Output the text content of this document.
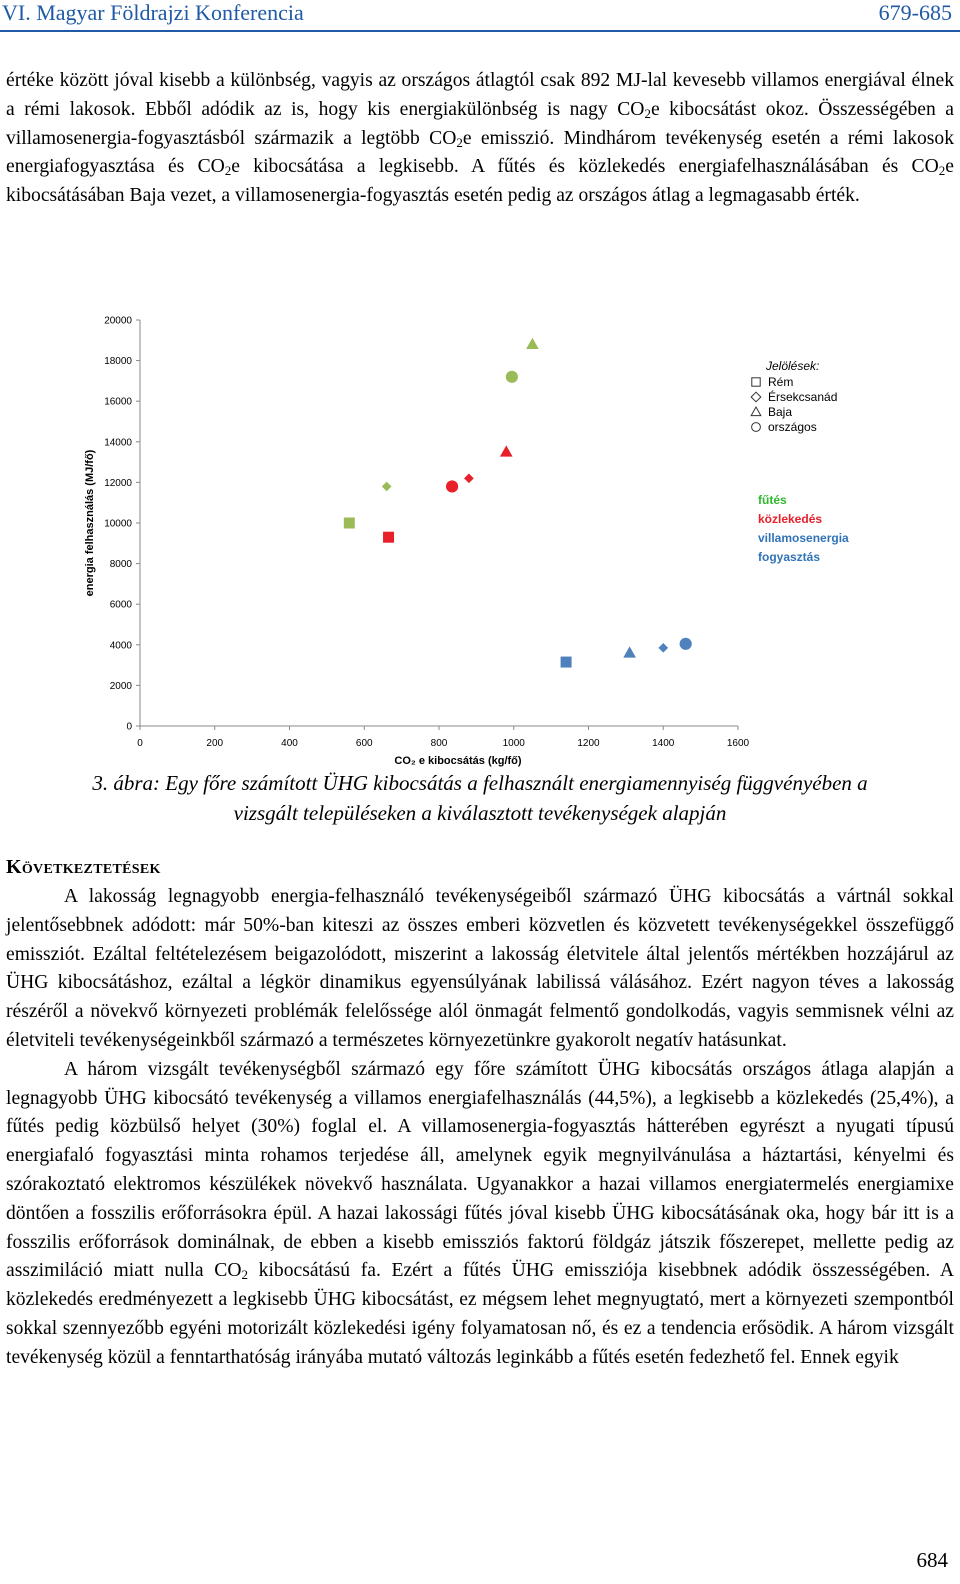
VI. Magyar Földrajzi Konferencia	679-685

értéke között jóval kisebb a különbség, vagyis az országos átlagtól csak 892 MJ-lal kevesebb villamos energiával élnek a rémi lakosok. Ebből adódik az is, hogy kis energiakülönbség is nagy $CO_2e$ kibocsátást okoz. Összességében a villamosenergia-fogyasztásból származik a legtöbb $CO_2e$ emisszió. Mindhárom tevékenység esetén a rémi lakosok energiafogyasztása és $CO_2e$ kibocsátása a legkisebb. A fűtés és közlekedés energiafelhasználásában és $CO_2e$ kibocsátásában Baja vezet, a villamosenergia-fogyasztás esetén pedig az országos átlag a legmagasabb érték.

0
2000
4000
6000
8000
10000
12000
14000
16000
18000
20000
0	200	400	600	800	1000	1200	1400	1600
CO₂ e kibocsátás (kg/fő)
energia felhasználás (MJ/fő)
Jelölések:
Rém
Érsekcsanád
Baja
országos
fűtés
közlekedés
villamosenergia
fogyasztás
3. ábra: Egy főre számított ÜHG kibocsátás a felhasznált energiamennyiség függvényében a
vizsgált településeken a kiválasztott tevékenységek alapján
Következtetések

A lakosság legnagyobb energia-felhasználó tevékenységeiből származó ÜHG kibocsátás a vártnál sokkal jelentősebbnek adódott: már 50%-ban kiteszi az összes emberi közvetlen és közvetett tevékenységekkel összefüggő emissziót. Ezáltal feltételezésem beigazolódott, miszerint a lakosság életvitele által jelentős mértékben hozzájárul az ÜHG kibocsátáshoz, ezáltal a légkör dinamikus egyensúlyának labilissá válásához. Ezért nagyon téves a lakosság részéről a növekvő környezeti problémák felelőssége alól önmagát felmentő gondolkodás, vagyis semmisnek vélni az életviteli tevékenységeinkből származó a természetes környezetünkre gyakorolt negatív hatásunkat.

A három vizsgált tevékenységből származó egy főre számított ÜHG kibocsátás országos átlaga alapján a legnagyobb ÜHG kibocsátó tevékenység a villamos energiafelhasználás (44,5%), a legkisebb a közlekedés (25,4%), a fűtés pedig közbülső helyet (30%) foglal el. A villamosenergia-fogyasztás hátterében egyrészt a nyugati típusú energiafaló fogyasztási minta rohamos terjedése áll, amelynek egyik megnyilvánulása a háztartási, kényelmi és szórakoztató elektromos készülékek növekvő használata. Ugyanakkor a hazai villamos energiatermelés energiamixe döntően a fosszilis erőforrásokra épül. A hazai lakossági fűtés jóval kisebb ÜHG kibocsátásának oka, hogy bár itt is a fosszilis erőforrások dominálnak, de ebben a kisebb emissziós faktorú földgáz játszik főszerepet, mellette pedig az asszimiláció miatt nulla $CO_2$ kibocsátású fa. Ezért a fűtés ÜHG emissziója kisebbnek adódik összességében. A közlekedés eredményezett a legkisebb ÜHG kibocsátást, ez mégsem lehet megnyugtató, mert a környezeti szempontból sokkal szennyezőbb egyéni motorizált közlekedési igény folyamatosan nő, és ez a tendencia erősödik. A három vizsgált tevékenység közül a fenntarthatóság irányába mutató változás leginkább a fűtés esetén fedezhető fel. Ennek egyik

684
